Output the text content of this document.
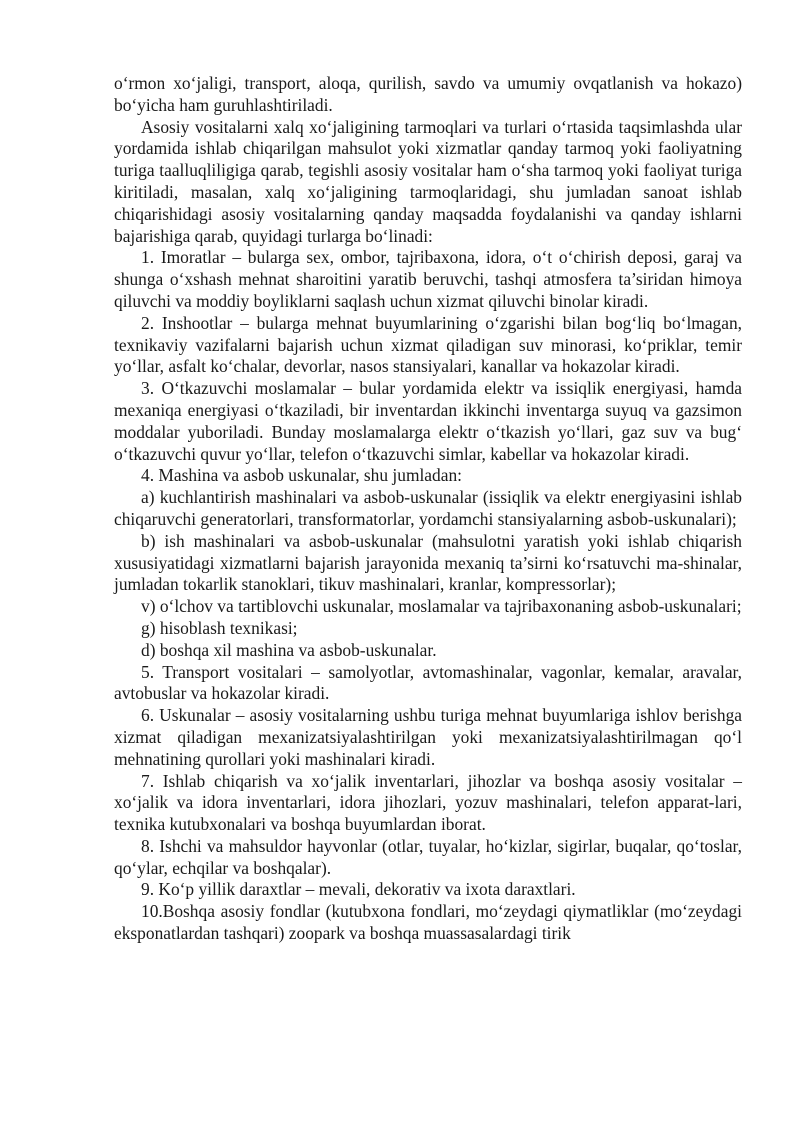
o‘rmon xo‘jaligi, transport, aloqa, qurilish, savdo va umumiy ovqatlanish va hokazo) bo‘yicha ham guruhlashtiriladi.

Asosiy vositalarni xalq xo‘jaligining tarmoqlari va turlari o‘rtasida taqsimlashda ular yordamida ishlab chiqarilgan mahsulot yoki xizmatlar qanday tarmoq yoki faoliyatning turiga taalluqliligiga qarab, tegishli asosiy vositalar ham o‘sha tarmoq yoki faoliyat turiga kiritiladi, masalan, xalq xo‘jaligining tarmoqlaridagi, shu jumladan sanoat ishlab chiqarishidagi asosiy vositalarning qanday maqsadda foydalanishi va qanday ishlarni bajarishiga qarab, quyidagi turlarga bo‘linadi:

1. Imoratlar – bularga sex, ombor, tajribaxona, idora, o‘t o‘chirish deposi, garaj va shunga o‘xshash mehnat sharoitini yaratib beruvchi, tashqi atmosfera ta’siridan himoya qiluvchi va moddiy boyliklarni saqlash uchun xizmat qiluvchi binolar kiradi.

2. Inshootlar – bularga mehnat buyumlarining o‘zgarishi bilan bog‘liq bo‘lmagan, texnikaviy vazifalarni bajarish uchun xizmat qiladigan suv minorasi, ko‘priklar, temir yo‘llar, asfalt ko‘chalar, devorlar, nasos stansiyalari, kanallar va hokazolar kiradi.

3. O‘tkazuvchi moslamalar – bular yordamida elektr va issiqlik energiyasi, hamda mexaniqa energiyasi o‘tkaziladi, bir inventardan ikkinchi inventarga suyuq va gazsimon moddalar yuboriladi. Bunday moslamalarga elektr o‘tkazish yo‘llari, gaz suv va bug‘ o‘tkazuvchi quvur yo‘llar, telefon o‘tkazuvchi simlar, kabellar va hokazolar kiradi.

4. Mashina va asbob uskunalar, shu jumladan:

a) kuchlantirish mashinalari va asbob-uskunalar (issiqlik va elektr energiyasini ishlab chiqaruvchi generatorlari, transformatorlar, yordamchi stansiyalarning asbob-uskunalari);

b) ish mashinalari va asbob-uskunalar (mahsulotni yaratish yoki ishlab chiqarish xususiyatidagi xizmatlarni bajarish jarayonida mexaniq ta’sirni ko‘rsatuvchi ma-shinalar, jumladan tokarlik stanoklari, tikuv mashinalari, kranlar, kompressorlar);

v) o‘lchov va tartiblovchi uskunalar, moslamalar va tajribaxonaning asbob-uskunalari;

g) hisoblash texnikasi;

d) boshqa xil mashina va asbob-uskunalar.

5. Transport vositalari – samolyotlar, avtomashinalar, vagonlar, kemalar, aravalar, avtobuslar va hokazolar kiradi.

6. Uskunalar – asosiy vositalarning ushbu turiga mehnat buyumlariga ishlov berishga xizmat qiladigan mexanizatsiyalashtirilgan yoki mexanizatsiyalashtirilmagan qo‘l mehnatining qurollari yoki mashinalari kiradi.

7. Ishlab chiqarish va xo‘jalik inventarlari, jihozlar va boshqa asosiy vositalar – xo‘jalik va idora inventarlari, idora jihozlari, yozuv mashinalari, telefon apparat-lari, texnika kutubxonalari va boshqa buyumlardan iborat.

8. Ishchi va mahsuldor hayvonlar (otlar, tuyalar, ho‘kizlar, sigirlar, buqalar, qo‘toslar, qo‘ylar, echqilar va boshqalar).

9. Ko‘p yillik daraxtlar – mevali, dekorativ va ixota daraxtlari.

10.Boshqa asosiy fondlar (kutubxona fondlari, mo‘zeydagi qiymatliklar (mo‘zeydagi eksponatlardan tashqari) zoopark va boshqa muassasalardagi tirik
